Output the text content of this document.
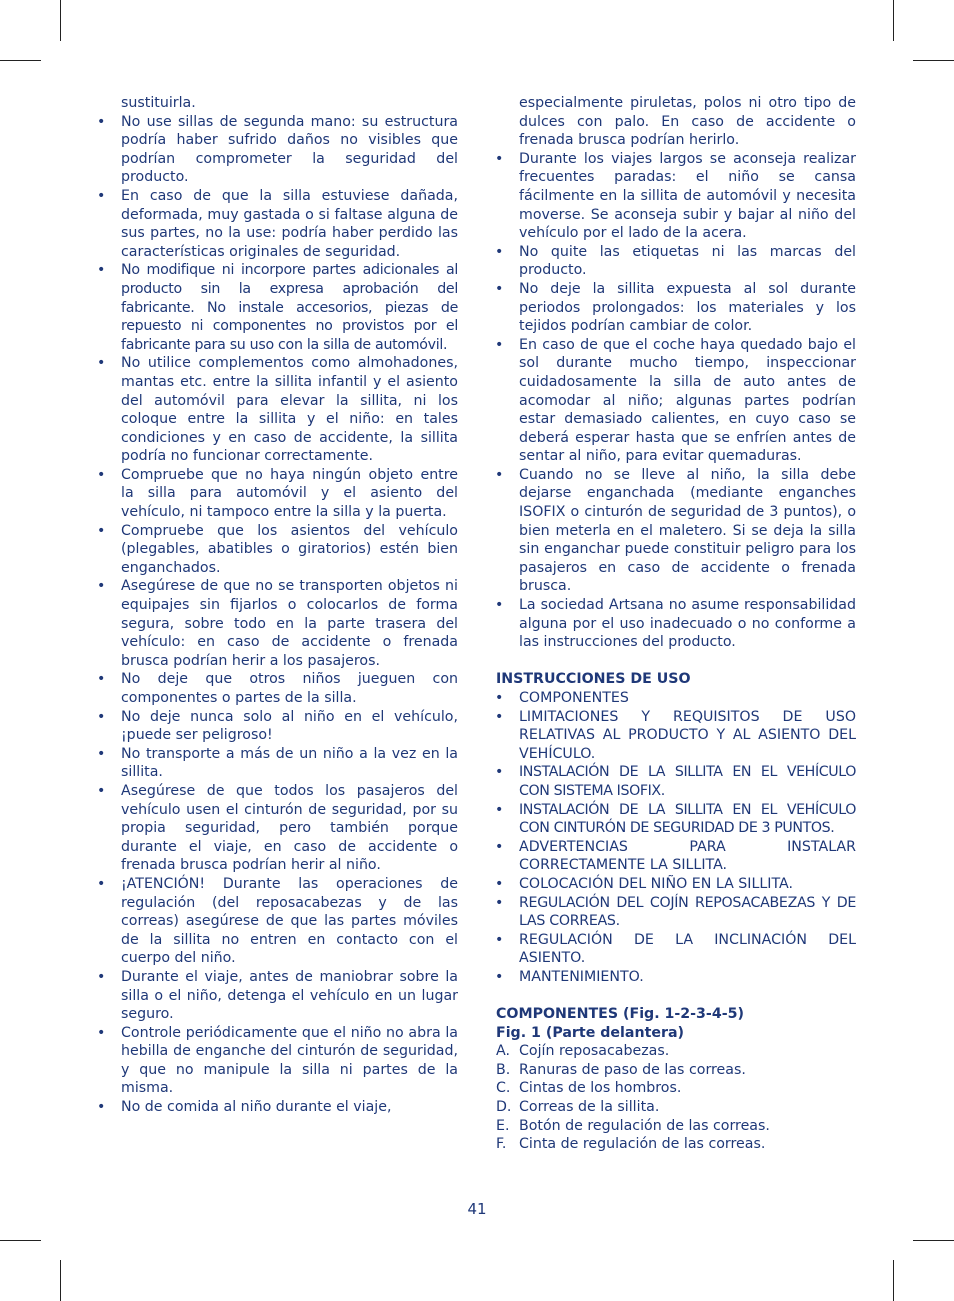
sustituirla.

• No use sillas de segunda mano: su estructura podría haber sufrido daños no visibles que podrían comprometer la seguridad del producto.
• En caso de que la silla estuviese dañada, deformada, muy gastada o si faltase alguna de sus partes, no la use: podría haber perdido las características originales de seguridad.
• No modifique ni incorpore partes adicionales al producto sin la expresa aprobación del fabricante. No instale accesorios, piezas de repuesto ni componentes no provistos por el fabricante para su uso con la silla de automóvil.
• No utilice complementos como almohadones, mantas etc. entre la sillita infantil y el asiento del automóvil para elevar la sillita, ni los coloque entre la sillita y el niño: en tales condiciones y en caso de accidente, la sillita podría no funcionar correctamente.
• Compruebe que no haya ningún objeto entre la silla para automóvil y el asiento del vehículo, ni tampoco entre la silla y la puerta.
• Compruebe que los asientos del vehículo (plegables, abatibles o giratorios) estén bien enganchados.
• Asegúrese de que no se transporten objetos ni equipajes sin fijarlos o colocarlos de forma segura, sobre todo en la parte trasera del vehículo: en caso de accidente o frenada brusca podrían herir a los pasajeros.
• No deje que otros niños jueguen con componentes o partes de la silla.
• No deje nunca solo al niño en el vehículo, ¡puede ser peligroso!
• No transporte a más de un niño a la vez en la sillita.
• Asegúrese de que todos los pasajeros del vehículo usen el cinturón de seguridad, por su propia seguridad, pero también porque durante el viaje, en caso de accidente o frenada brusca podrían herir al niño.
• ¡ATENCIÓN! Durante las operaciones de regulación (del reposacabezas y de las correas) asegúrese de que las partes móviles de la sillita no entren en contacto con el cuerpo del niño.
• Durante el viaje, antes de maniobrar sobre la silla o el niño, detenga el vehículo en un lugar seguro.
• Controle periódicamente que el niño no abra la hebilla de enganche del cinturón de seguridad, y que no manipule la silla ni partes de la misma.
• No de comida al niño durante el viaje,

especialmente piruletas, polos ni otro tipo de dulces con palo. En caso de accidente o frenada brusca podrían herirlo.

• Durante los viajes largos se aconseja realizar frecuentes paradas: el niño se cansa fácilmente en la sillita de automóvil y necesita moverse. Se aconseja subir y bajar al niño del vehículo por el lado de la acera.
• No quite las etiquetas ni las marcas del producto.
• No deje la sillita expuesta al sol durante periodos prolongados: los materiales y los tejidos podrían cambiar de color.
• En caso de que el coche haya quedado bajo el sol durante mucho tiempo, inspeccionar cuidadosamente la silla de auto antes de acomodar al niño; algunas partes podrían estar demasiado calientes, en cuyo caso se deberá esperar hasta que se enfríen antes de sentar al niño, para evitar quemaduras.
• Cuando no se lleve al niño, la silla debe dejarse enganchada (mediante enganches ISOFIX o cinturón de seguridad de 3 puntos), o bien meterla en el maletero. Si se deja la silla sin enganchar puede constituir peligro para los pasajeros en caso de accidente o frenada brusca.
• La sociedad Artsana no asume responsabilidad alguna por el uso inadecuado o no conforme a las instrucciones del producto.

INSTRUCCIONES DE USO

• COMPONENTES
• LIMITACIONES Y REQUISITOS DE USO RELATIVAS AL PRODUCTO Y AL ASIENTO DEL VEHÍCULO.
• INSTALACIÓN DE LA SILLITA EN EL VEHÍCULO CON SISTEMA ISOFIX.
• INSTALACIÓN DE LA SILLITA EN EL VEHÍCULO CON CINTURÓN DE SEGURIDAD DE 3 PUNTOS.
• ADVERTENCIAS PARA INSTALAR CORRECTAMENTE LA SILLITA.
• COLOCACIÓN DEL NIÑO EN LA SILLITA.
• REGULACIÓN DEL COJÍN REPOSACABEZAS Y DE LAS CORREAS.
• REGULACIÓN DE LA INCLINACIÓN DEL ASIENTO.
• MANTENIMIENTO.

COMPONENTES (Fig. 1-2-3-4-5)

Fig. 1 (Parte delantera)

A. Cojín reposacabezas.
B. Ranuras de paso de las correas.
C. Cintas de los hombros.
D. Correas de la sillita.
E. Botón de regulación de las correas.
F. Cinta de regulación de las correas.
41
